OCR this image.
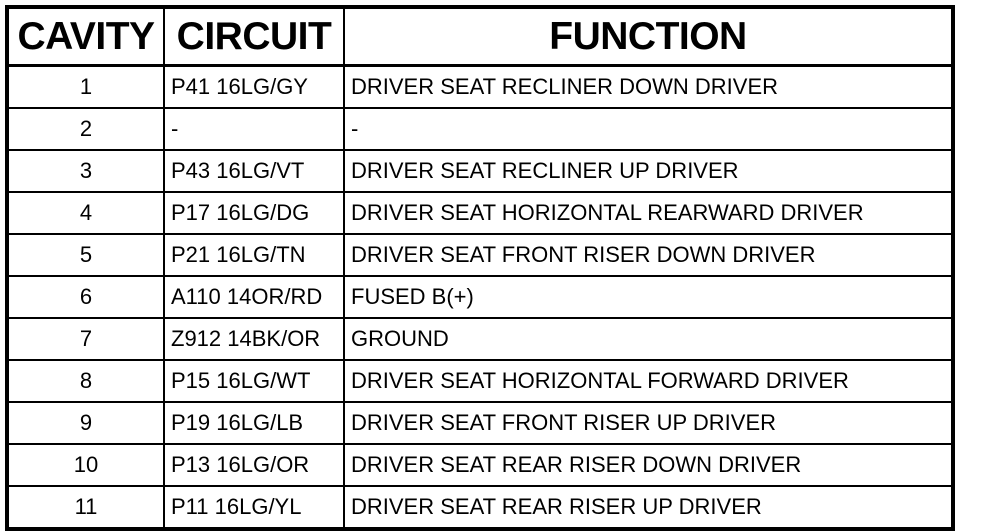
CAVITY	CIRCUIT	FUNCTION
1	P41 16LG/GY	DRIVER SEAT RECLINER DOWN DRIVER
2	-	-
3	P43 16LG/VT	DRIVER SEAT RECLINER UP DRIVER
4	P17 16LG/DG	DRIVER SEAT HORIZONTAL REARWARD DRIVER
5	P21 16LG/TN	DRIVER SEAT FRONT RISER DOWN DRIVER
6	A110 14OR/RD	FUSED B(+)
7	Z912 14BK/OR	GROUND
8	P15 16LG/WT	DRIVER SEAT HORIZONTAL FORWARD DRIVER
9	P19 16LG/LB	DRIVER SEAT FRONT RISER UP DRIVER
10	P13 16LG/OR	DRIVER SEAT REAR RISER DOWN DRIVER
11	P11 16LG/YL	DRIVER SEAT REAR RISER UP DRIVER
